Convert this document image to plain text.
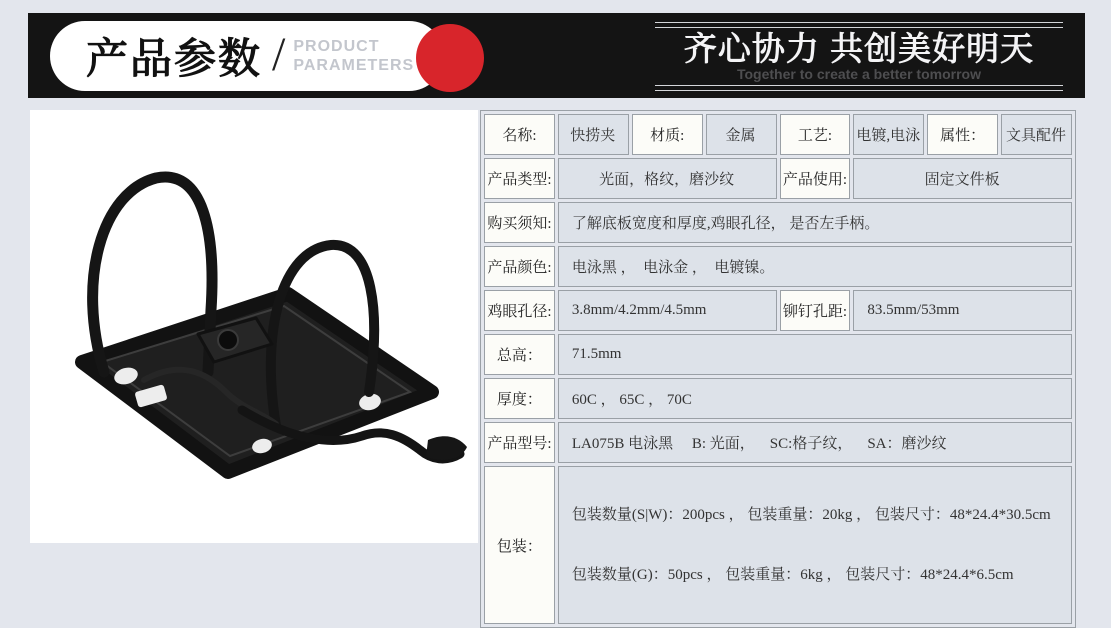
产品参数 / PRODUCT
PARAMETERS	齐心协力 共创美好明天
Together to create a better tomorrow
名称:	快捞夹	材质:	金属	工艺:	电镀,电泳	属性：	文具配件
产品类型:	光面，格纹，磨沙纹			产品使用:	固定文件板		
购买须知:	了解底板宽度和厚度,鸡眼孔径， 是否左手柄。						
产品颜色:	电泳黑 ，  电泳金 ，  电镀镍。						
鸡眼孔径:	3.8mm/4.2mm/4.5mm			铆钉孔距:	83.5mm/53mm		
总高：	71.5mm						
厚度：	60C ， 65C ， 70C						
产品型号:	LA075B 电泳黑     B: 光面，    SC:格子纹，    SA：磨沙纹						
包装：	包装数量(S|W)：200pcs ， 包装重量：20kg ， 包装尺寸：48*24.4*30.5cm

包装数量(G)：50pcs ， 包装重量：6kg ， 包装尺寸：48*24.4*6.5cm						
